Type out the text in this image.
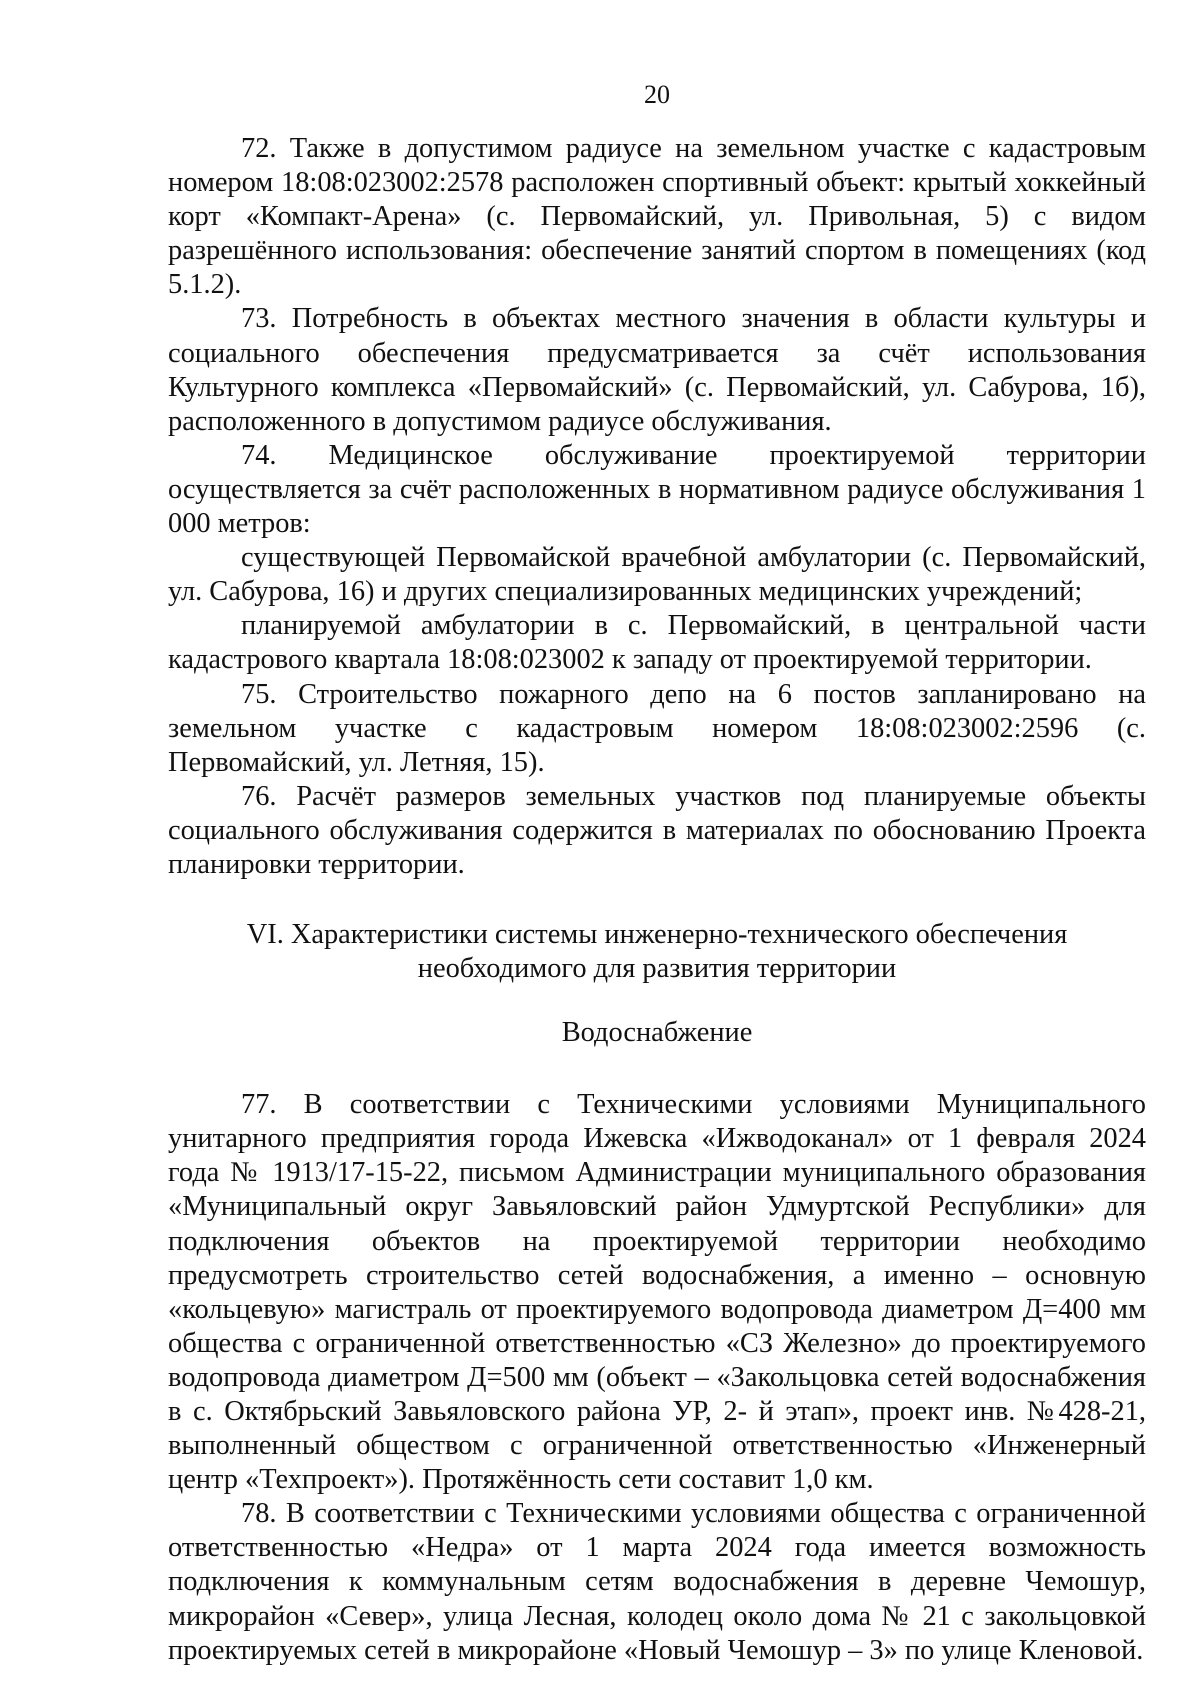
20

72. Также в допустимом радиусе на земельном участке с кадастровым номером 18:08:023002:2578 расположен спортивный объект: крытый хоккейный корт «Компакт-Арена» (с. Первомайский, ул. Привольная, 5) с видом разрешённого использования: обеспечение занятий спортом в помещениях (код 5.1.2).

73. Потребность в объектах местного значения в области культуры и социального обеспечения предусматривается за счёт использования Культурного комплекса «Первомайский» (с. Первомайский, ул. Сабурова, 1б), расположенного в допустимом радиусе обслуживания.

74. Медицинское обслуживание проектируемой территории осуществляется за счёт расположенных в нормативном радиусе обслуживания 1 000 метров:

существующей Первомайской врачебной амбулатории (с. Первомайский, ул. Сабурова, 16) и других специализированных медицинских учреждений;

планируемой амбулатории в с. Первомайский, в центральной части кадастрового квартала 18:08:023002 к западу от проектируемой территории.

75. Строительство пожарного депо на 6 постов запланировано на земельном участке с кадастровым номером 18:08:023002:2596 (с. Первомайский, ул. Летняя, 15).

76. Расчёт размеров земельных участков под планируемые объекты социального обслуживания содержится в материалах по обоснованию Проекта планировки территории.

VI. Характеристики системы инженерно-технического обеспечения
необходимого для развития территории
Водоснабжение

77. В соответствии с Техническими условиями Муниципального унитарного предприятия города Ижевска «Ижводоканал» от 1 февраля 2024 года № 1913/17-15-22, письмом Администрации муниципального образования «Муниципальный округ Завьяловский район Удмуртской Республики» для подключения объектов на проектируемой территории необходимо предусмотреть строительство сетей водоснабжения, а именно – основную «кольцевую» магистраль от проектируемого водопровода диаметром Д=400 мм общества с ограниченной ответственностью «СЗ Железно» до проектируемого водопровода диаметром Д=500 мм (объект – «Закольцовка сетей водоснабжения в с. Октябрьский Завьяловского района УР, 2- й этап», проект инв. №428-21, выполненный обществом с ограниченной ответственностью «Инженерный центр «Техпроект»). Протяжённость сети составит 1,0 км.

78. В соответствии с Техническими условиями общества с ограниченной ответственностью «Недра» от 1 марта 2024 года имеется возможность подключения к коммунальным сетям водоснабжения в деревне Чемошур, микрорайон «Север», улица Лесная, колодец около дома № 21 с закольцовкой проектируемых сетей в микрорайоне «Новый Чемошур – 3» по улице Кленовой.
